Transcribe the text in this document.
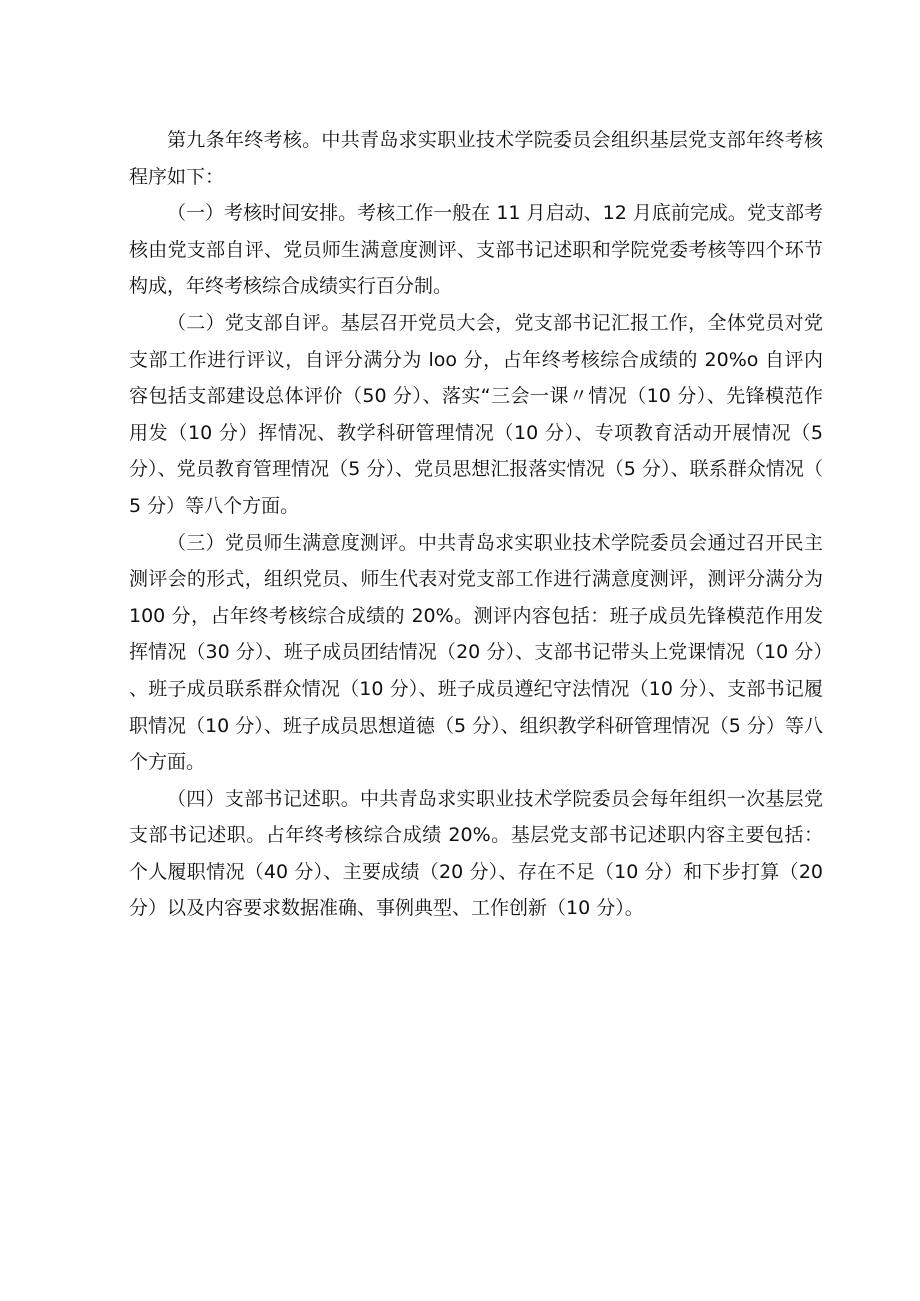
第九条年终考核。中共青岛求实职业技术学院委员会组织基层党支部年终考核程序如下：

（一）考核时间安排。考核工作一般在 11 月启动、12 月底前完成。党支部考核由党支部自评、党员师生满意度测评、支部书记述职和学院党委考核等四个环节构成，年终考核综合成绩实行百分制。

（二）党支部自评。基层召开党员大会，党支部书记汇报工作，全体党员对党支部工作进行评议，自评分满分为 loo 分，占年终考核综合成绩的 20%o 自评内容包括支部建设总体评价（50 分）、落实“三会一课〃情况（10 分）、先锋模范作用发（10 分）挥情况、教学科研管理情况（10 分）、专项教育活动开展情况（5 分）、党员教育管理情况（5 分）、党员思想汇报落实情况（5 分）、联系群众情况（5 分）等八个方面。

（三）党员师生满意度测评。中共青岛求实职业技术学院委员会通过召开民主测评会的形式，组织党员、师生代表对党支部工作进行满意度测评，测评分满分为 100 分，占年终考核综合成绩的 20%。测评内容包括：班子成员先锋模范作用发挥情况（30 分）、班子成员团结情况（20 分）、支部书记带头上党课情况（10 分）、班子成员联系群众情况（10 分）、班子成员遵纪守法情况（10 分）、支部书记履职情况（10 分）、班子成员思想道德（5 分）、组织教学科研管理情况（5 分）等八个方面。

（四）支部书记述职。中共青岛求实职业技术学院委员会每年组织一次基层党支部书记述职。占年终考核综合成绩 20%。基层党支部书记述职内容主要包括：个人履职情况（40 分）、主要成绩（20 分）、存在不足（10 分）和下步打算（20 分）以及内容要求数据准确、事例典型、工作创新（10 分）。
